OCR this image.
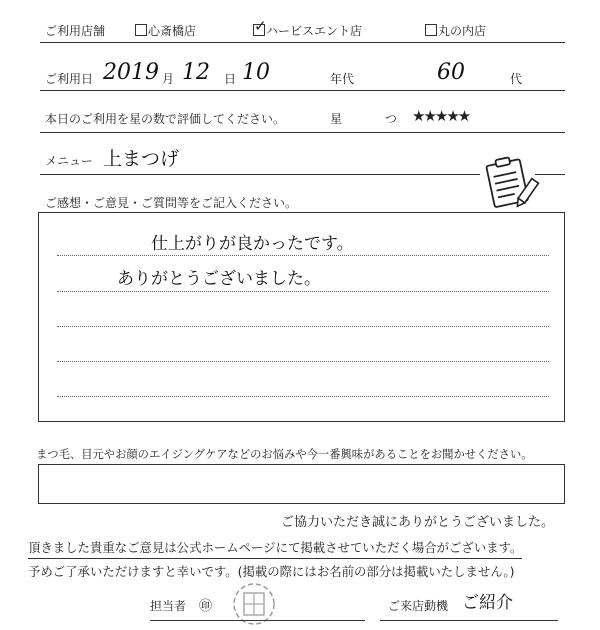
ご利用店舗	心斎橋店	✓ ハービスエント店	丸の内店
ご利用日 2019 月 12 日 10	年代	60	代
本日のご利用を星の数で評価してください。	星	つ ★★★★★
メニュー 上まつげ
ご感想・ご意見・ご質問等をご記入ください。
仕上がりが良かったです。
ありがとうございました。
まつ毛、目元やお顔のエイジングケアなどのお悩みや今一番興味があることをお聞かせください。
ご協力いただき誠にありがとうございました。
頂きました貴重なご意見は公式ホームページにて掲載させていただく場合がございます。
予めご了承いただけますと幸いです。(掲載の際にはお名前の部分は掲載いたしません。)
担当者 ㊞	ご来店動機 ご紹介
